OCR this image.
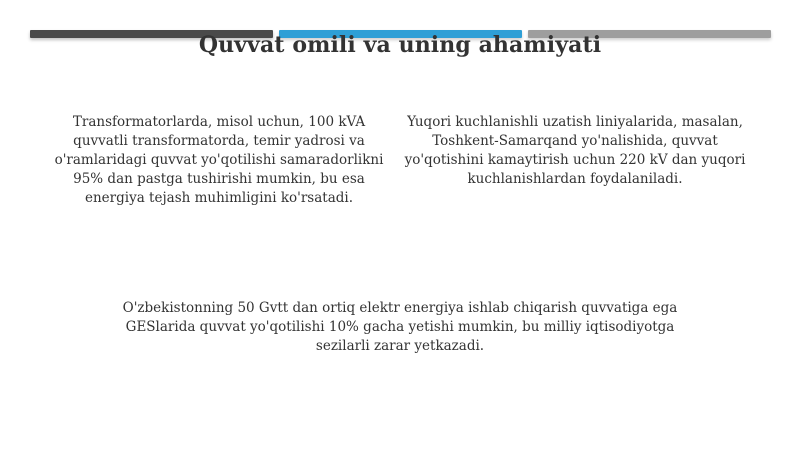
Quvvat omili va uning ahamiyati
Transformatorlarda, misol uchun, 100 kVA quvvatli transformatorda, temir yadrosi va o'ramlaridagi quvvat yo'qotilishi samaradorlikni 95% dan pastga tushirishi mumkin, bu esa energiya tejash muhimligini ko'rsatadi.
Yuqori kuchlanishli uzatish liniyalarida, masalan, Toshkent-Samarqand yo'nalishida, quvvat yo'qotishini kamaytirish uchun 220 kV dan yuqori kuchlanishlardan foydalaniladi.
O'zbekistonning 50 Gvtt dan ortiq elektr energiya ishlab chiqarish quvvatiga ega GESlarida quvvat yo'qotilishi 10% gacha yetishi mumkin, bu milliy iqtisodiyotga sezilarli zarar yetkazadi.
